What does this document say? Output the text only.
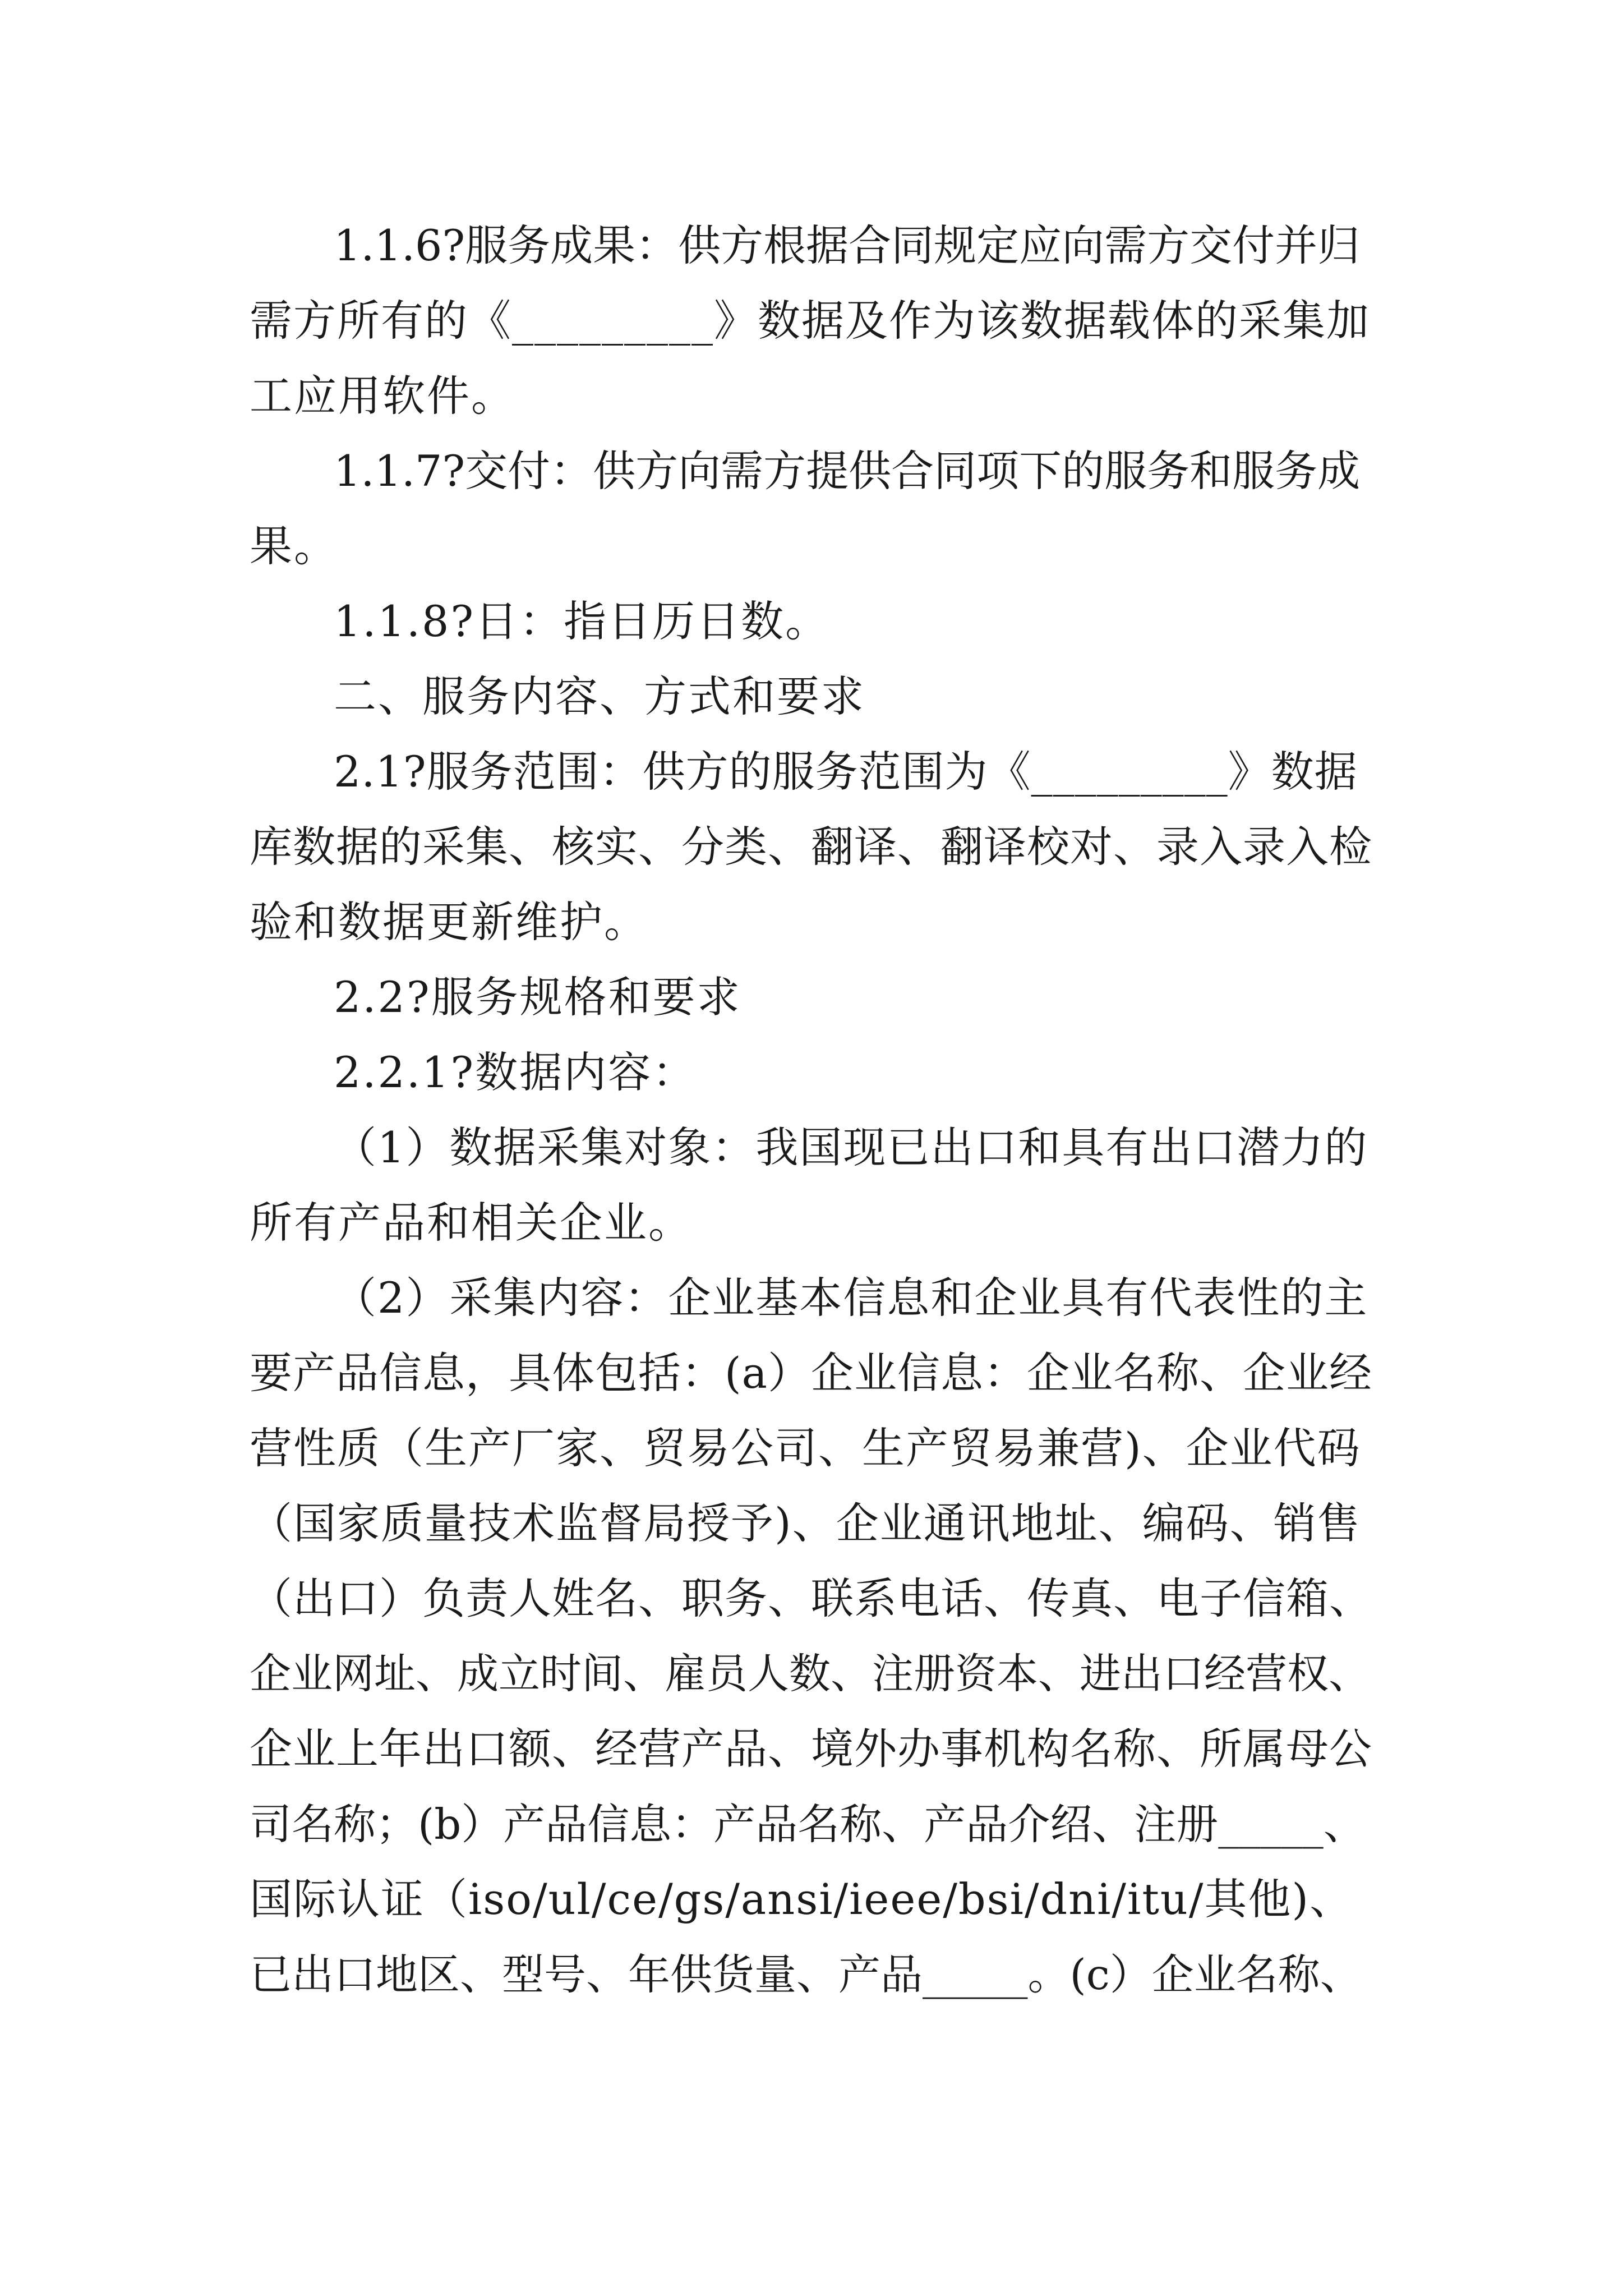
1.1.6?服务成果：供方根据合同规定应向需方交付并归
需方所有的《_________》数据及作为该数据载体的采集加
工应用软件。
1.1.7?交付：供方向需方提供合同项下的服务和服务成
果。
1.1.8?日：指日历日数。
二、服务内容、方式和要求
2.1?服务范围：供方的服务范围为《_________》数据
库数据的采集、核实、分类、翻译、翻译校对、录入录入检
验和数据更新维护。
2.2?服务规格和要求
2.2.1?数据内容：
（1）数据采集对象：我国现已出口和具有出口潜力的
所有产品和相关企业。
（2）采集内容：企业基本信息和企业具有代表性的主
要产品信息，具体包括：(a）企业信息：企业名称、企业经
营性质（生产厂家、贸易公司、生产贸易兼营)、企业代码
（国家质量技术监督局授予)、企业通讯地址、编码、销售
（出口）负责人姓名、职务、联系电话、传真、电子信箱、
企业网址、成立时间、雇员人数、注册资本、进出口经营权、
企业上年出口额、经营产品、境外办事机构名称、所属母公
司名称；(b）产品信息：产品名称、产品介绍、注册_____、
国际认证（iso/ul/ce/gs/ansi/ieee/bsi/dni/itu/其他)、
已出口地区、型号、年供货量、产品_____。(c）企业名称、
